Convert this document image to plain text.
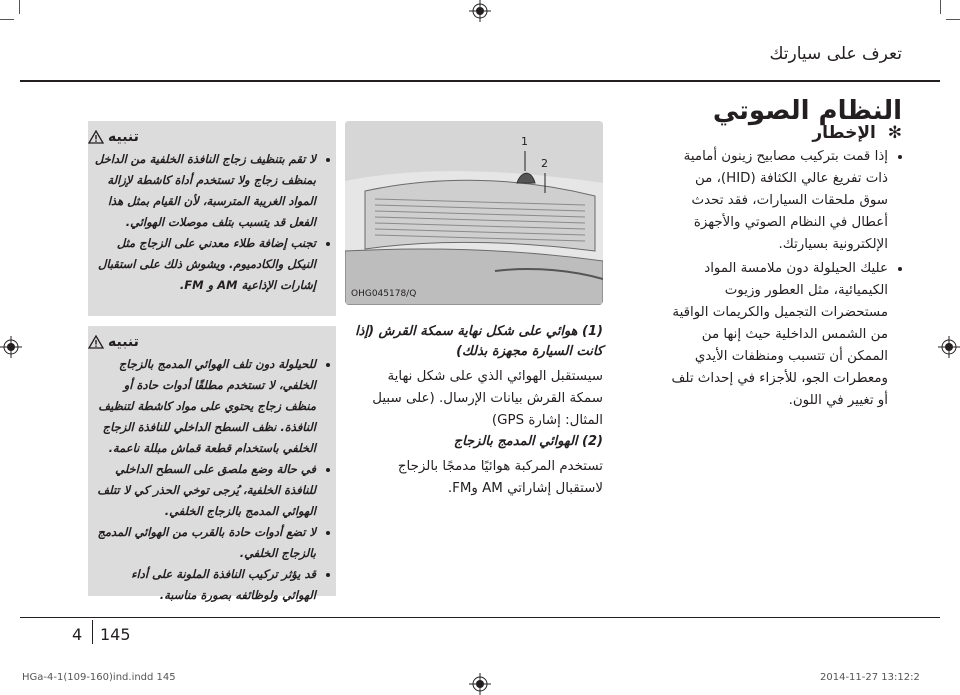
تعرف على سيارتك
النظام الصوتي
✻ الإخطار
• إذا قمت بتركيب مصابيح زينون أمامية ذات تفريغ عالي الكثافة (HID)، من سوق ملحقات السيارات، فقد تحدث أعطال في النظام الصوتي والأجهزة الإلكترونية بسيارتك.
• عليك الحيلولة دون ملامسة المواد الكيميائية، مثل العطور وزيوت مستحضرات التجميل والكريمات الواقية من الشمس الداخلية حيث إنها من الممكن أن تتسبب ومنظفات الأيدي ومعطرات الجو، للأجزاء في إحداث تلف أو تغيير في اللون.
1
2
OHG045178/Q
(1) هوائي على شكل نهاية سمكة القرش (إذا كانت السيارة مجهزة بذلك)
سيستقبل الهوائي الذي على شكل نهاية سمكة القرش بيانات الإرسال. (على سبيل المثال: إشارة GPS)
(2) الهوائي المدمج بالزجاج
تستخدم المركبة هوائيًا مدمجًا بالزجاج لاستقبال إشاراتي AM وFM.
تنبيه
• لا تقم بتنظيف زجاج النافذة الخلفية من الداخل بمنظف زجاج ولا تستخدم أداة كاشطة لإزالة المواد الغريبة المترسبة، لأن القيام بمثل هذا الفعل قد يتسبب بتلف موصلات الهوائي.
• تجنب إضافة طلاء معدني على الزجاج مثل النيكل والكادميوم. ويشوش ذلك على استقبال إشارات الإذاعية AM و FM.
تنبيه
• للحيلولة دون تلف الهوائي المدمج بالزجاج الخلفي، لا تستخدم مطلقًا أدوات حادة أو منظف زجاج يحتوي على مواد كاشطة لتنظيف النافذة. نظف السطح الداخلي للنافذة الزجاج الخلفي باستخدام قطعة قماش مبللة ناعمة.
• في حالة وضع ملصق على السطح الداخلي للنافذة الخلفية، يُرجى توخي الحذر كي لا تتلف الهوائي المدمج بالزجاج الخلفي.
• لا تضع أدوات حادة بالقرب من الهوائي المدمج بالزجاج الخلفي.
• قد يؤثر تركيب النافذة الملونة على أداء الهوائي ولوظائفه بصورة مناسبة.
4 145
HGa-4-1(109-160)ind.indd 145	2014-11-27 13:12:2
